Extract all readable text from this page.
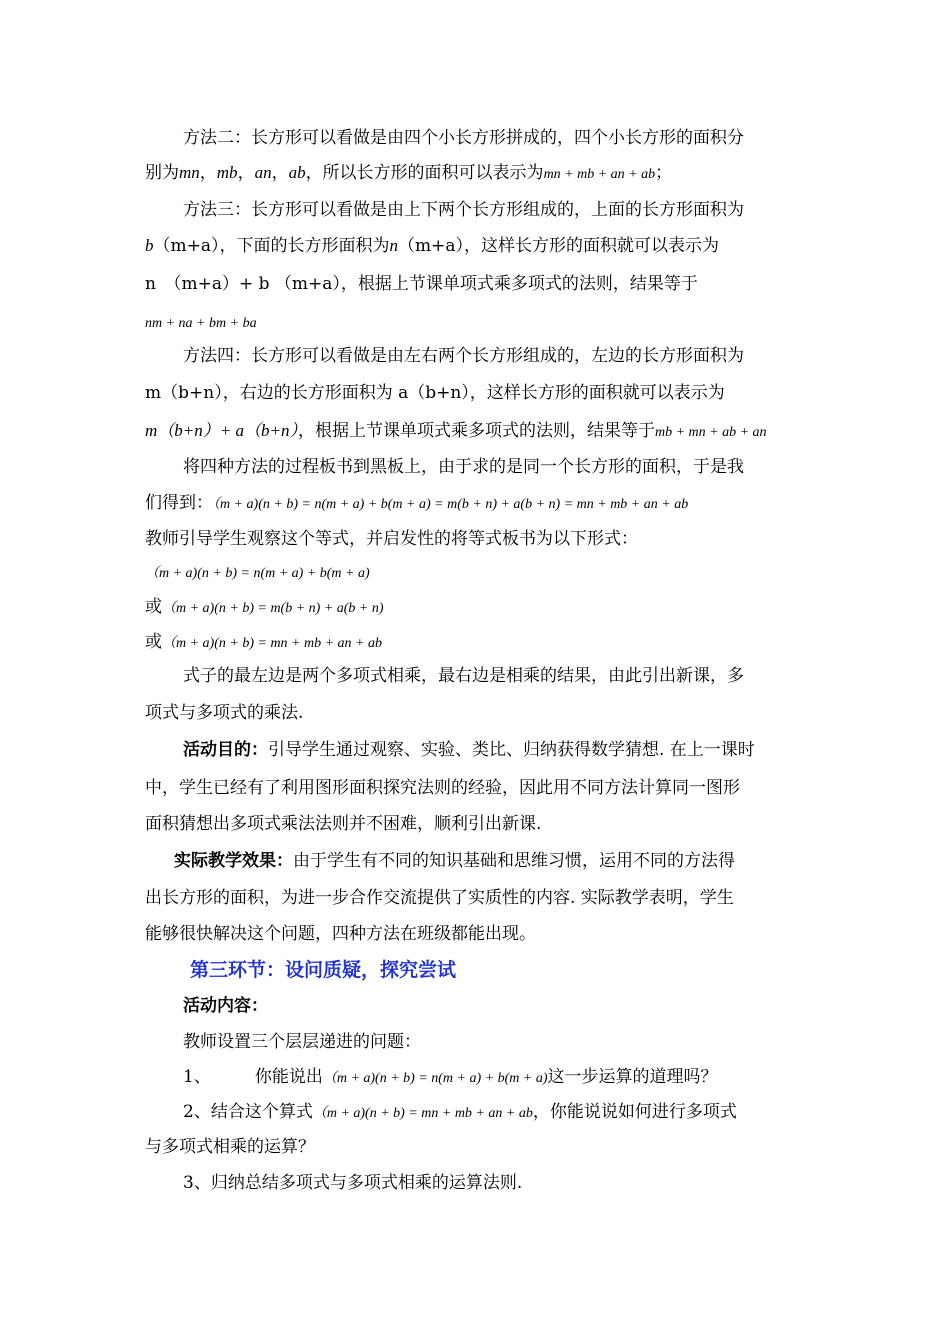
方法二：长方形可以看做是由四个小长方形拼成的，四个小长方形的面积分
别为mn，mb，an，ab，所以长方形的面积可以表示为mn + mb + an + ab；
方法三：长方形可以看做是由上下两个长方形组成的，上面的长方形面积为
b（m+a），下面的长方形面积为n（m+a），这样长方形的面积就可以表示为
n　（m+a）+ b （m+a），根据上节课单项式乘多项式的法则，结果等于
nm + na + bm + ba
方法四：长方形可以看做是由左右两个长方形组成的，左边的长方形面积为
m（b+n），右边的长方形面积为 a（b+n），这样长方形的面积就可以表示为
m（b+n）+ a（b+n），根据上节课单项式乘多项式的法则，结果等于mb + mn + ab + an
将四种方法的过程板书到黑板上，由于求的是同一个长方形的面积，于是我
们得到：（m + a)(n + b) = n(m + a) + b(m + a) = m(b + n) + a(b + n) = mn + mb + an + ab
教师引导学生观察这个等式，并启发性的将等式板书为以下形式：
（m + a)(n + b) = n(m + a) + b(m + a)
或（m + a)(n + b) = m(b + n) + a(b + n)
或（m + a)(n + b) = mn + mb + an + ab
式子的最左边是两个多项式相乘，最右边是相乘的结果，由此引出新课，多
项式与多项式的乘法.
活动目的：引导学生通过观察、实验、类比、归纳获得数学猜想. 在上一课时
中，学生已经有了利用图形面积探究法则的经验，因此用不同方法计算同一图形
面积猜想出多项式乘法法则并不困难，顺利引出新课.
实际教学效果：由于学生有不同的知识基础和思维习惯，运用不同的方法得
出长方形的面积，为进一步合作交流提供了实质性的内容. 实际教学表明，学生
能够很快解决这个问题，四种方法在班级都能出现。
第三环节：设问质疑，探究尝试
活动内容：
教师设置三个层层递进的问题：
1、	你能说出（m + a)(n + b) = n(m + a) + b(m + a)这一步运算的道理吗？
2、结合这个算式（m + a)(n + b) = mn + mb + an + ab，你能说说如何进行多项式
与多项式相乘的运算？
3、归纳总结多项式与多项式相乘的运算法则.
